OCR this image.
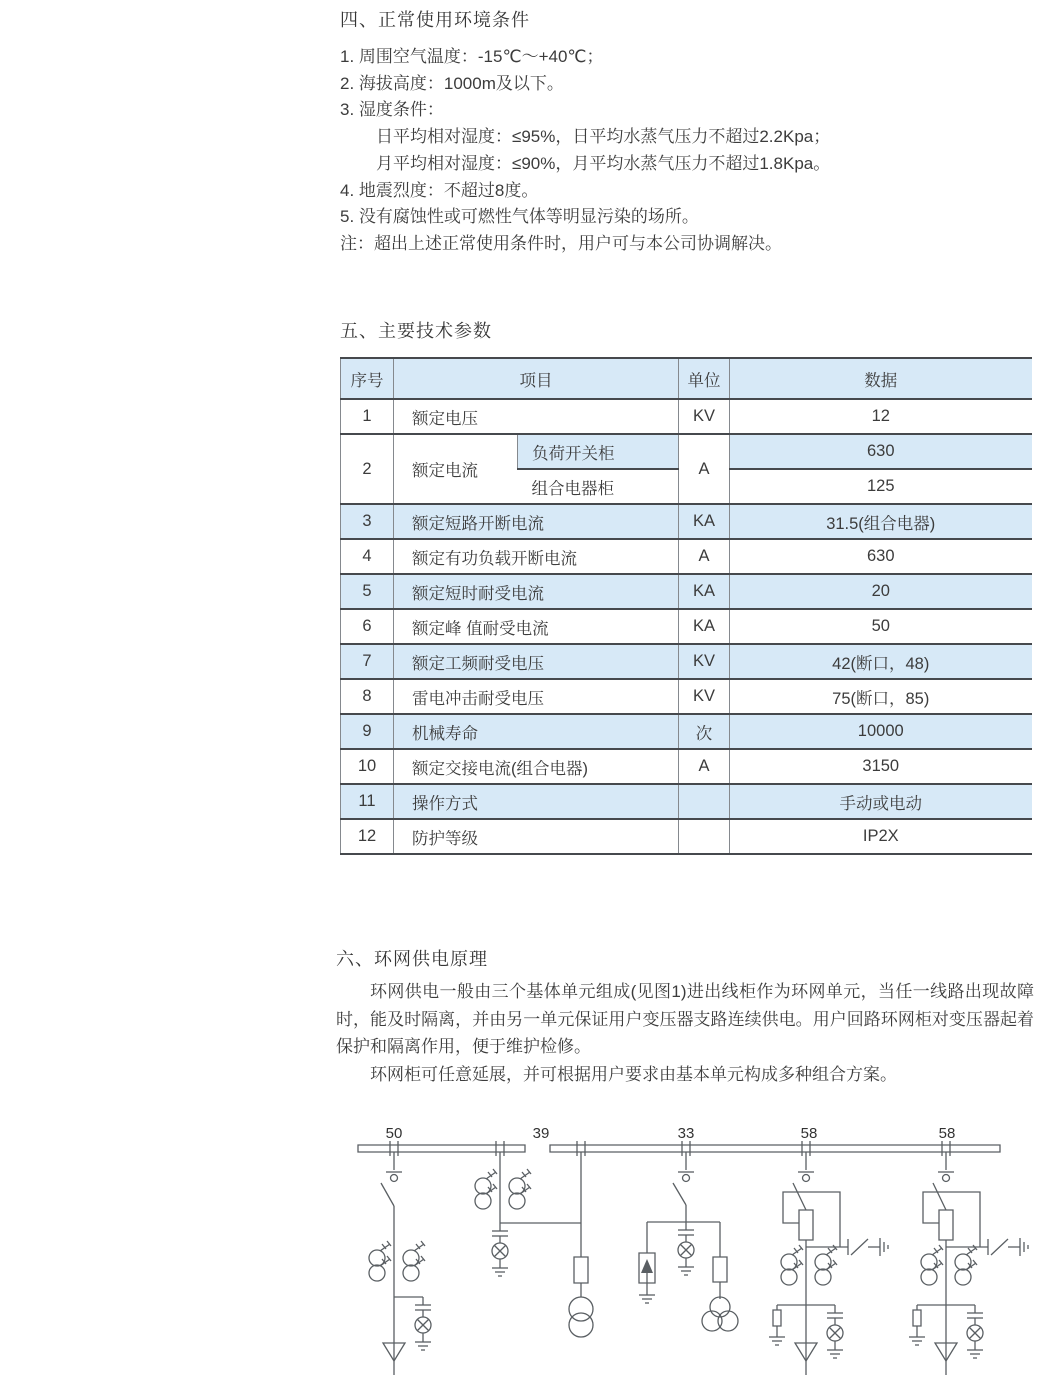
四、正常使用环境条件
1. 周围空气温度：-15℃～+40℃；
2. 海拔高度：1000m及以下。
3. 湿度条件：
日平均相对湿度：≤95%，日平均水蒸气压力不超过2.2Kpa；
月平均相对湿度：≤90%，月平均水蒸气压力不超过1.8Kpa。
4. 地震烈度：不超过8度。
5. 没有腐蚀性或可燃性气体等明显污染的场所。
注：超出上述正常使用条件时，用户可与本公司协调解决。
五、主要技术参数
序号	项目		单位	数据
1	额定电压		KV	12
2	额定电流	负荷开关柜	A	630
		组合电器柜		125
3	额定短路开断电流		KA	31.5(组合电器)
4	额定有功负载开断电流		A	630
5	额定短时耐受电流		KA	20
6	额定峰 值耐受电流		KA	50
7	额定工频耐受电压		KV	42(断口，48)
8	雷电冲击耐受电压		KV	75(断口，85)
9	机械寿命		次	10000
10	额定交接电流(组合电器)		A	3150
11	操作方式			手动或电动
12	防护等级			IP2X
六、环网供电原理

环网供电一般由三个基体单元组成(见图1)进出线柜作为环网单元，当任一线路出现故障时，能及时隔离，并由另一单元保证用户变压器支路连续供电。用户回路环网柜对变压器起着保护和隔离作用，便于维护检修。

环网柜可任意延展，并可根据用户要求由基本单元构成多种组合方案。

50	39	33	58	58
